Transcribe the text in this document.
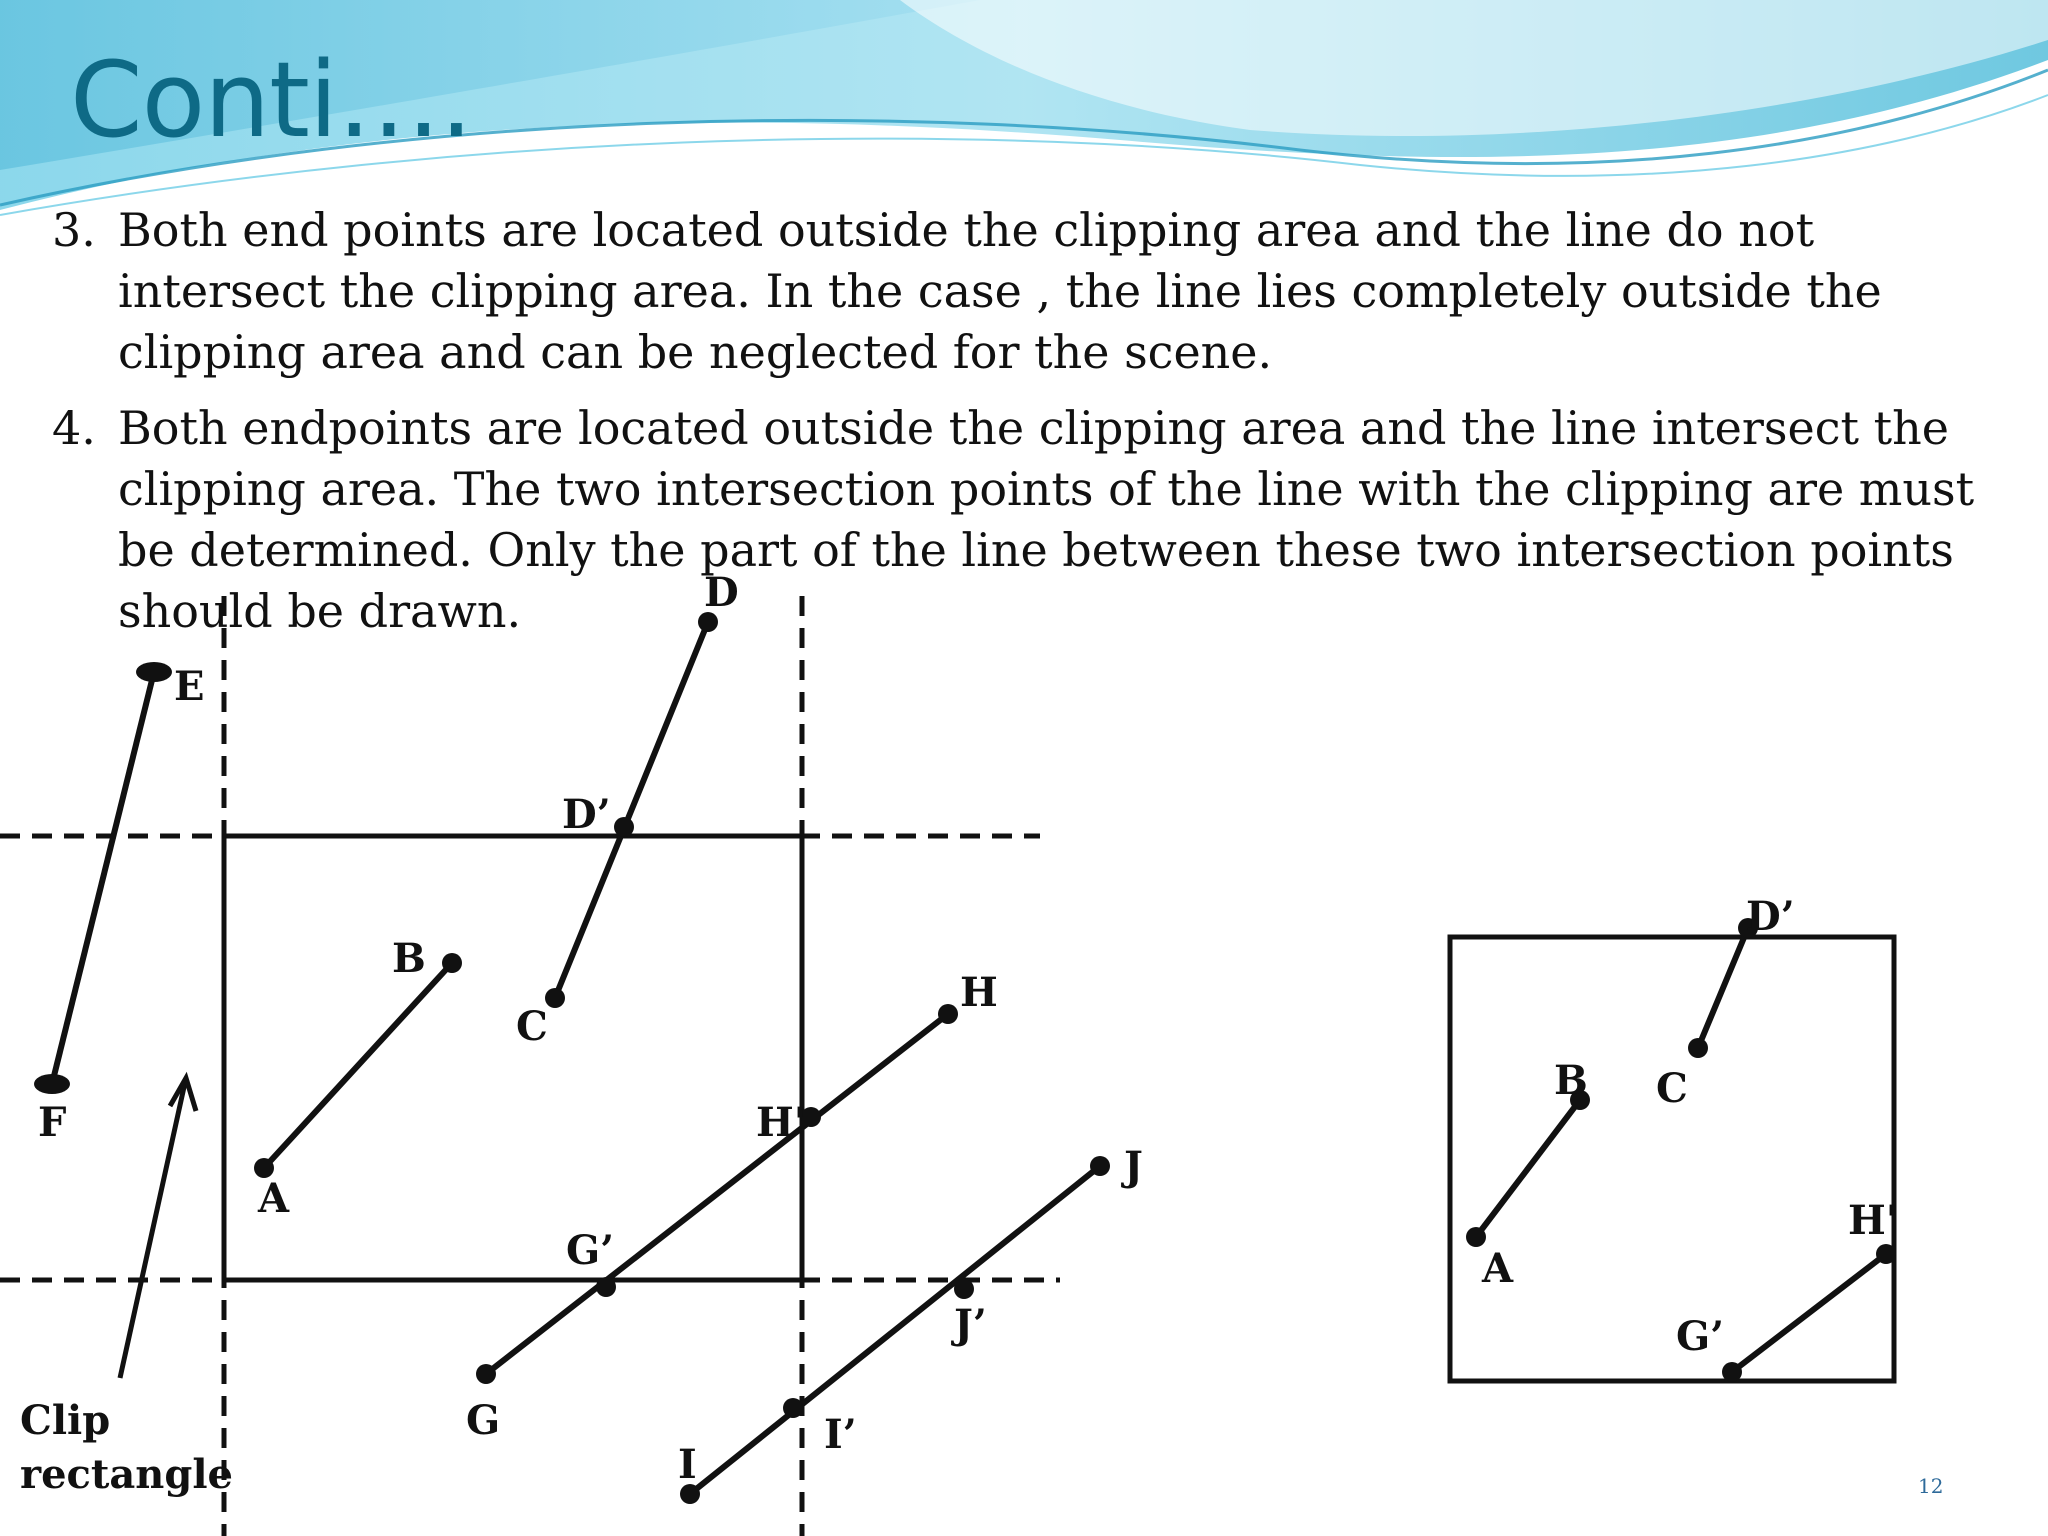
Conti….
3. Both end points are located outside the clipping area and the line do not intersect the clipping area. In the case , the line lies completely outside the clipping area and can be neglected for the scene.
4. Both endpoints are located outside the clipping area and the line intersect the clipping area. The two intersection points of the line with the clipping are must be determined. Only the part of the line between these two intersection points should be drawn.	D
E
D’
B
C
H
F	H'
A
J
G’
J’
G	I’
I
Clip
rectangle
D’
B C
H'
A
G’
12
